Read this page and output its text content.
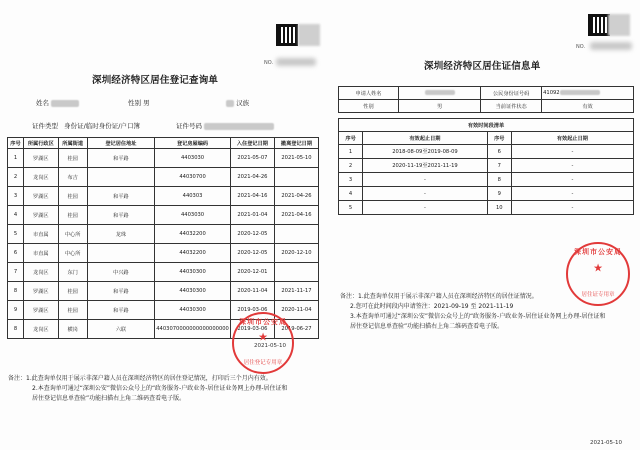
NO.
深圳经济特区居住登记查询单
姓名	性别 男	汉族
证件类型 身份证/临时身份证/户口簿	证件号码
序号	所属行政区	所属街道	登记居住地址	登记房屋编码	入住登记日期	撤离登记日期
1	罗湖区	桂园	和平路	4403030	2021-05-07	2021-05-10
2	龙岗区	布吉		44030700	2021-04-26	
3	罗湖区	桂园	和平路	440303	2021-04-16	2021-04-26
4	罗湖区	桂园	和平路	4403030	2021-01-04	2021-04-16
5	市直属	中心所	龙珠	44032200	2020-12-05	
6	市直属	中心所		44032200	2020-12-05	2020-12-10
7	龙岗区	东门	中兴路	44030300	2020-12-01	
8	罗湖区	桂园	和平路	44030300	2020-11-04	2021-11-17
9	罗湖区	桂园	和平路	44030300	2019-03-06	2020-11-04
8	龙岗区	横岗	六联	4403070000000000000000	2019-03-06	2019-06-27
深圳市公安局
★
居住登记专用章
2021-05-10
备注：1.此查询单仅用于展示非深户籍人员在深圳经济特区的居住登记情况，打印后三个月内有效。
2.本查询单可通过“深圳公安”微信公众号上的“政务服务-户政业务-居住证业务网上办理-居住证和
居住登记信息单查验”功能扫描右上角二维码查看电子版。
NO.
深圳经济特区居住证信息单
申请人姓名		公民身份证号码	41092
性别	男	当前证件状态	有效
有效时间段清单			
序号	有效起止日期	序号	有效起止日期
1	2018-08-09至2019-08-09	6	-
2	2020-11-19至2021-11-19	7	-
3	-	8	-
4	-	9	-
5	-	10	-
备注：1.此查询单仅用于展示非深户籍人员在深圳经济特区的居住证情况。
2.您可在此时间段内申请签注：2021-09-19 至 2021-11-19
3.本查询单可通过“深圳公安”微信公众号上的“政务服务-户政业务-居住证业务网上办理-居住证和
居住登记信息单查验”功能扫描右上角二维码查看电子版。
深圳市公安局
★
居住证专用章
2021-05-10
